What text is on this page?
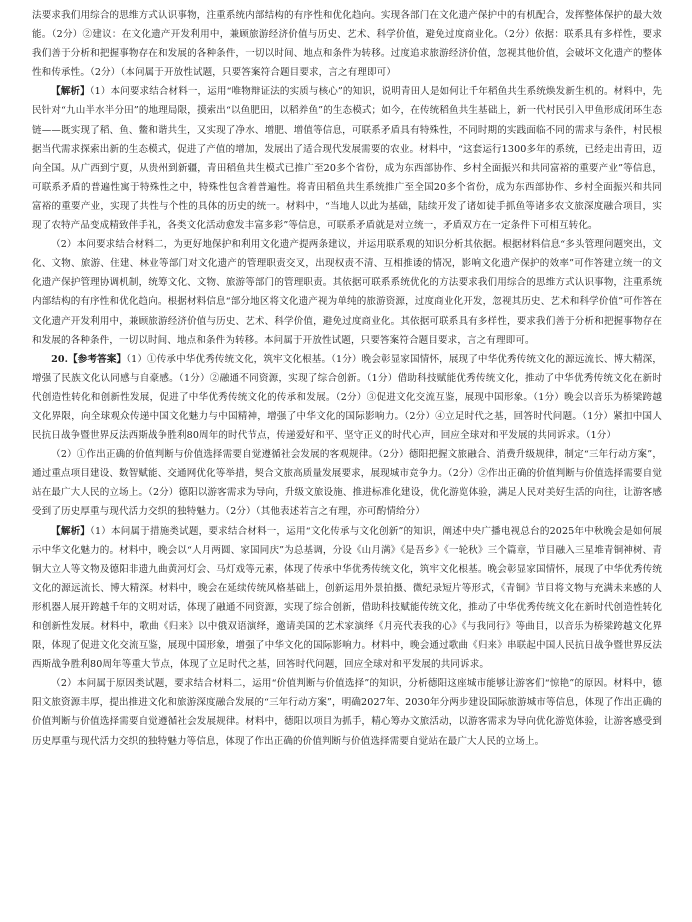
法要求我们用综合的思维方式认识事物，注重系统内部结构的有序性和优化趋向。实现各部门在文化遗产保护中的有机配合，发挥整体保护的最大效能。（2分）②建议：在文化遗产开发利用中，兼顾旅游经济价值与历史、艺术、科学价值，避免过度商业化。（2分）依据：联系具有多样性，要求我们善于分析和把握事物存在和发展的各种条件，一切以时间、地点和条件为转移。过度追求旅游经济价值，忽视其他价值，会破坏文化遗产的整体性和传承性。（2分）（本问属于开放性试题，只要答案符合题目要求，言之有理即可）

【解析】（1）本问要求结合材料一，运用“唯物辩证法的实质与核心”的知识，说明青田人是如何让千年稻鱼共生系统焕发新生机的。材料中，先民针对“九山半水半分田”的地理局限，摸索出“以鱼肥田，以稻养鱼”的生态模式；如今，在传统稻鱼共生基础上，新一代村民引入甲鱼形成闭环生态链——既实现了稻、鱼、鳖和谐共生，又实现了净水、增肥、增值等信息，可联系矛盾具有特殊性，不同时期的实践面临不同的需求与条件，村民根据当代需求探索出新的生态模式，促进了产值的增加，发展出了适合现代发展需要的农业。材料中，“这套运行1300多年的系统，已经走出青田，迈向全国。从广西到宁夏，从贵州到新疆，青田稻鱼共生模式已推广至20多个省份，成为东西部协作、乡村全面振兴和共同富裕的重要产业”等信息，可联系矛盾的普遍性寓于特殊性之中，特殊性包含着普遍性。将青田稻鱼共生系统推广至全国20多个省份，成为东西部协作、乡村全面振兴和共同富裕的重要产业，实现了共性与个性的具体的历史的统一。材料中，“当地人以此为基础，陆续开发了诸如徒手抓鱼等诸多农文旅深度融合项目，实现了农特产品变成精致伴手礼，各类文化活动愈发丰富多彩”等信息，可联系矛盾就是对立统一，矛盾双方在一定条件下可相互转化。

（2）本问要求结合材料二，为更好地保护和利用文化遗产提两条建议，并运用联系观的知识分析其依据。根据材料信息“多头管理问题突出，文化、文物、旅游、住建、林业等部门对文化遗产的管理职责交叉，出现权责不清、互相推诿的情况，影响文化遗产保护的效率”可作答建立统一的文化遗产保护管理协调机制，统筹文化、文物、旅游等部门的管理职责。其依据可联系系统优化的方法要求我们用综合的思维方式认识事物，注重系统内部结构的有序性和优化趋向。根据材料信息“部分地区将文化遗产视为单纯的旅游资源，过度商业化开发，忽视其历史、艺术和科学价值”可作答在文化遗产开发利用中，兼顾旅游经济价值与历史、艺术、科学价值，避免过度商业化。其依据可联系具有多样性，要求我们善于分析和把握事物存在和发展的各种条件，一切以时间、地点和条件为转移。本问属于开放性试题，只要答案符合题目要求，言之有理即可。

20.【参考答案】（1）①传承中华优秀传统文化，筑牢文化根基。（1分）晚会彰显家国情怀，展现了中华优秀传统文化的源远流长、博大精深，增强了民族文化认同感与自豪感。（1分）②融通不同资源，实现了综合创新。（1分）借助科技赋能优秀传统文化，推动了中华优秀传统文化在新时代创造性转化和创新性发展，促进了中华优秀传统文化的传承和发展。（2分）③促进文化交流互鉴，展现中国形象。（1分）晚会以音乐为桥梁跨越文化界限，向全球观众传递中国文化魅力与中国精神，增强了中华文化的国际影响力。（2分）④立足时代之基，回答时代问题。（1分）紧扣中国人民抗日战争暨世界反法西斯战争胜利80周年的时代节点，传递爱好和平、坚守正义的时代心声，回应全球对和平发展的共同诉求。（1分）

（2）①作出正确的价值判断与价值选择需要自觉遵循社会发展的客观规律。（2分）德阳把握文旅融合、消费升级规律，制定“三年行动方案”，通过重点项目建设、数智赋能、交通网优化等举措，契合文旅高质量发展要求，展现城市竞争力。（2分）②作出正确的价值判断与价值选择需要自觉站在最广大人民的立场上。（2分）德阳以游客需求为导向，升级文旅设施、推进标准化建设，优化游览体验，满足人民对美好生活的向往，让游客感受到了历史厚重与现代活力交织的独特魅力。（2分）（其他表述若言之有理，亦可酌情给分）

【解析】（1）本问属于措施类试题，要求结合材料一，运用“文化传承与文化创新”的知识，阐述中央广播电视总台的2025年中秋晚会是如何展示中华文化魅力的。材料中，晚会以“人月两圆、家国同庆”为总基调，分设《山月满》《是吾乡》《一轮秋》三个篇章，节目融入三星堆青铜神树、青铜大立人等文物及德阳非遗九曲黄河灯会、马灯戏等元素，体现了传承中华优秀传统文化，筑牢文化根基。晚会彰显家国情怀，展现了中华优秀传统文化的源远流长、博大精深。材料中，晚会在延续传统风格基础上，创新运用外景拍摄、微纪录短片等形式，《青铜》节目将文物与充满未来感的人形机器人展开跨越千年的文明对话，体现了融通不同资源，实现了综合创新，借助科技赋能传统文化，推动了中华优秀传统文化在新时代创造性转化和创新性发展。材料中，歌曲《归来》以中俄双语演绎，邀请美国的艺术家演绎《月亮代表我的心》《与我同行》等曲目，以音乐为桥梁跨越文化界限，体现了促进文化交流互鉴，展现中国形象，增强了中华文化的国际影响力。材料中，晚会通过歌曲《归来》串联起中国人民抗日战争暨世界反法西斯战争胜利80周年等重大节点，体现了立足时代之基，回答时代问题，回应全球对和平发展的共同诉求。

（2）本问属于原因类试题，要求结合材料二，运用“价值判断与价值选择”的知识，分析德阳这座城市能够让游客们“惊艳”的原因。材料中，德阳文旅资源丰厚，提出推进文化和旅游深度融合发展的“三年行动方案”，明确2027年、2030年分两步建设国际旅游城市等信息，体现了作出正确的价值判断与价值选择需要自觉遵循社会发展规律。材料中，德阳以项目为抓手，精心筹办文旅活动，以游客需求为导向优化游览体验，让游客感受到历史厚重与现代活力交织的独特魅力等信息，体现了作出正确的价值判断与价值选择需要自觉站在最广大人民的立场上。
